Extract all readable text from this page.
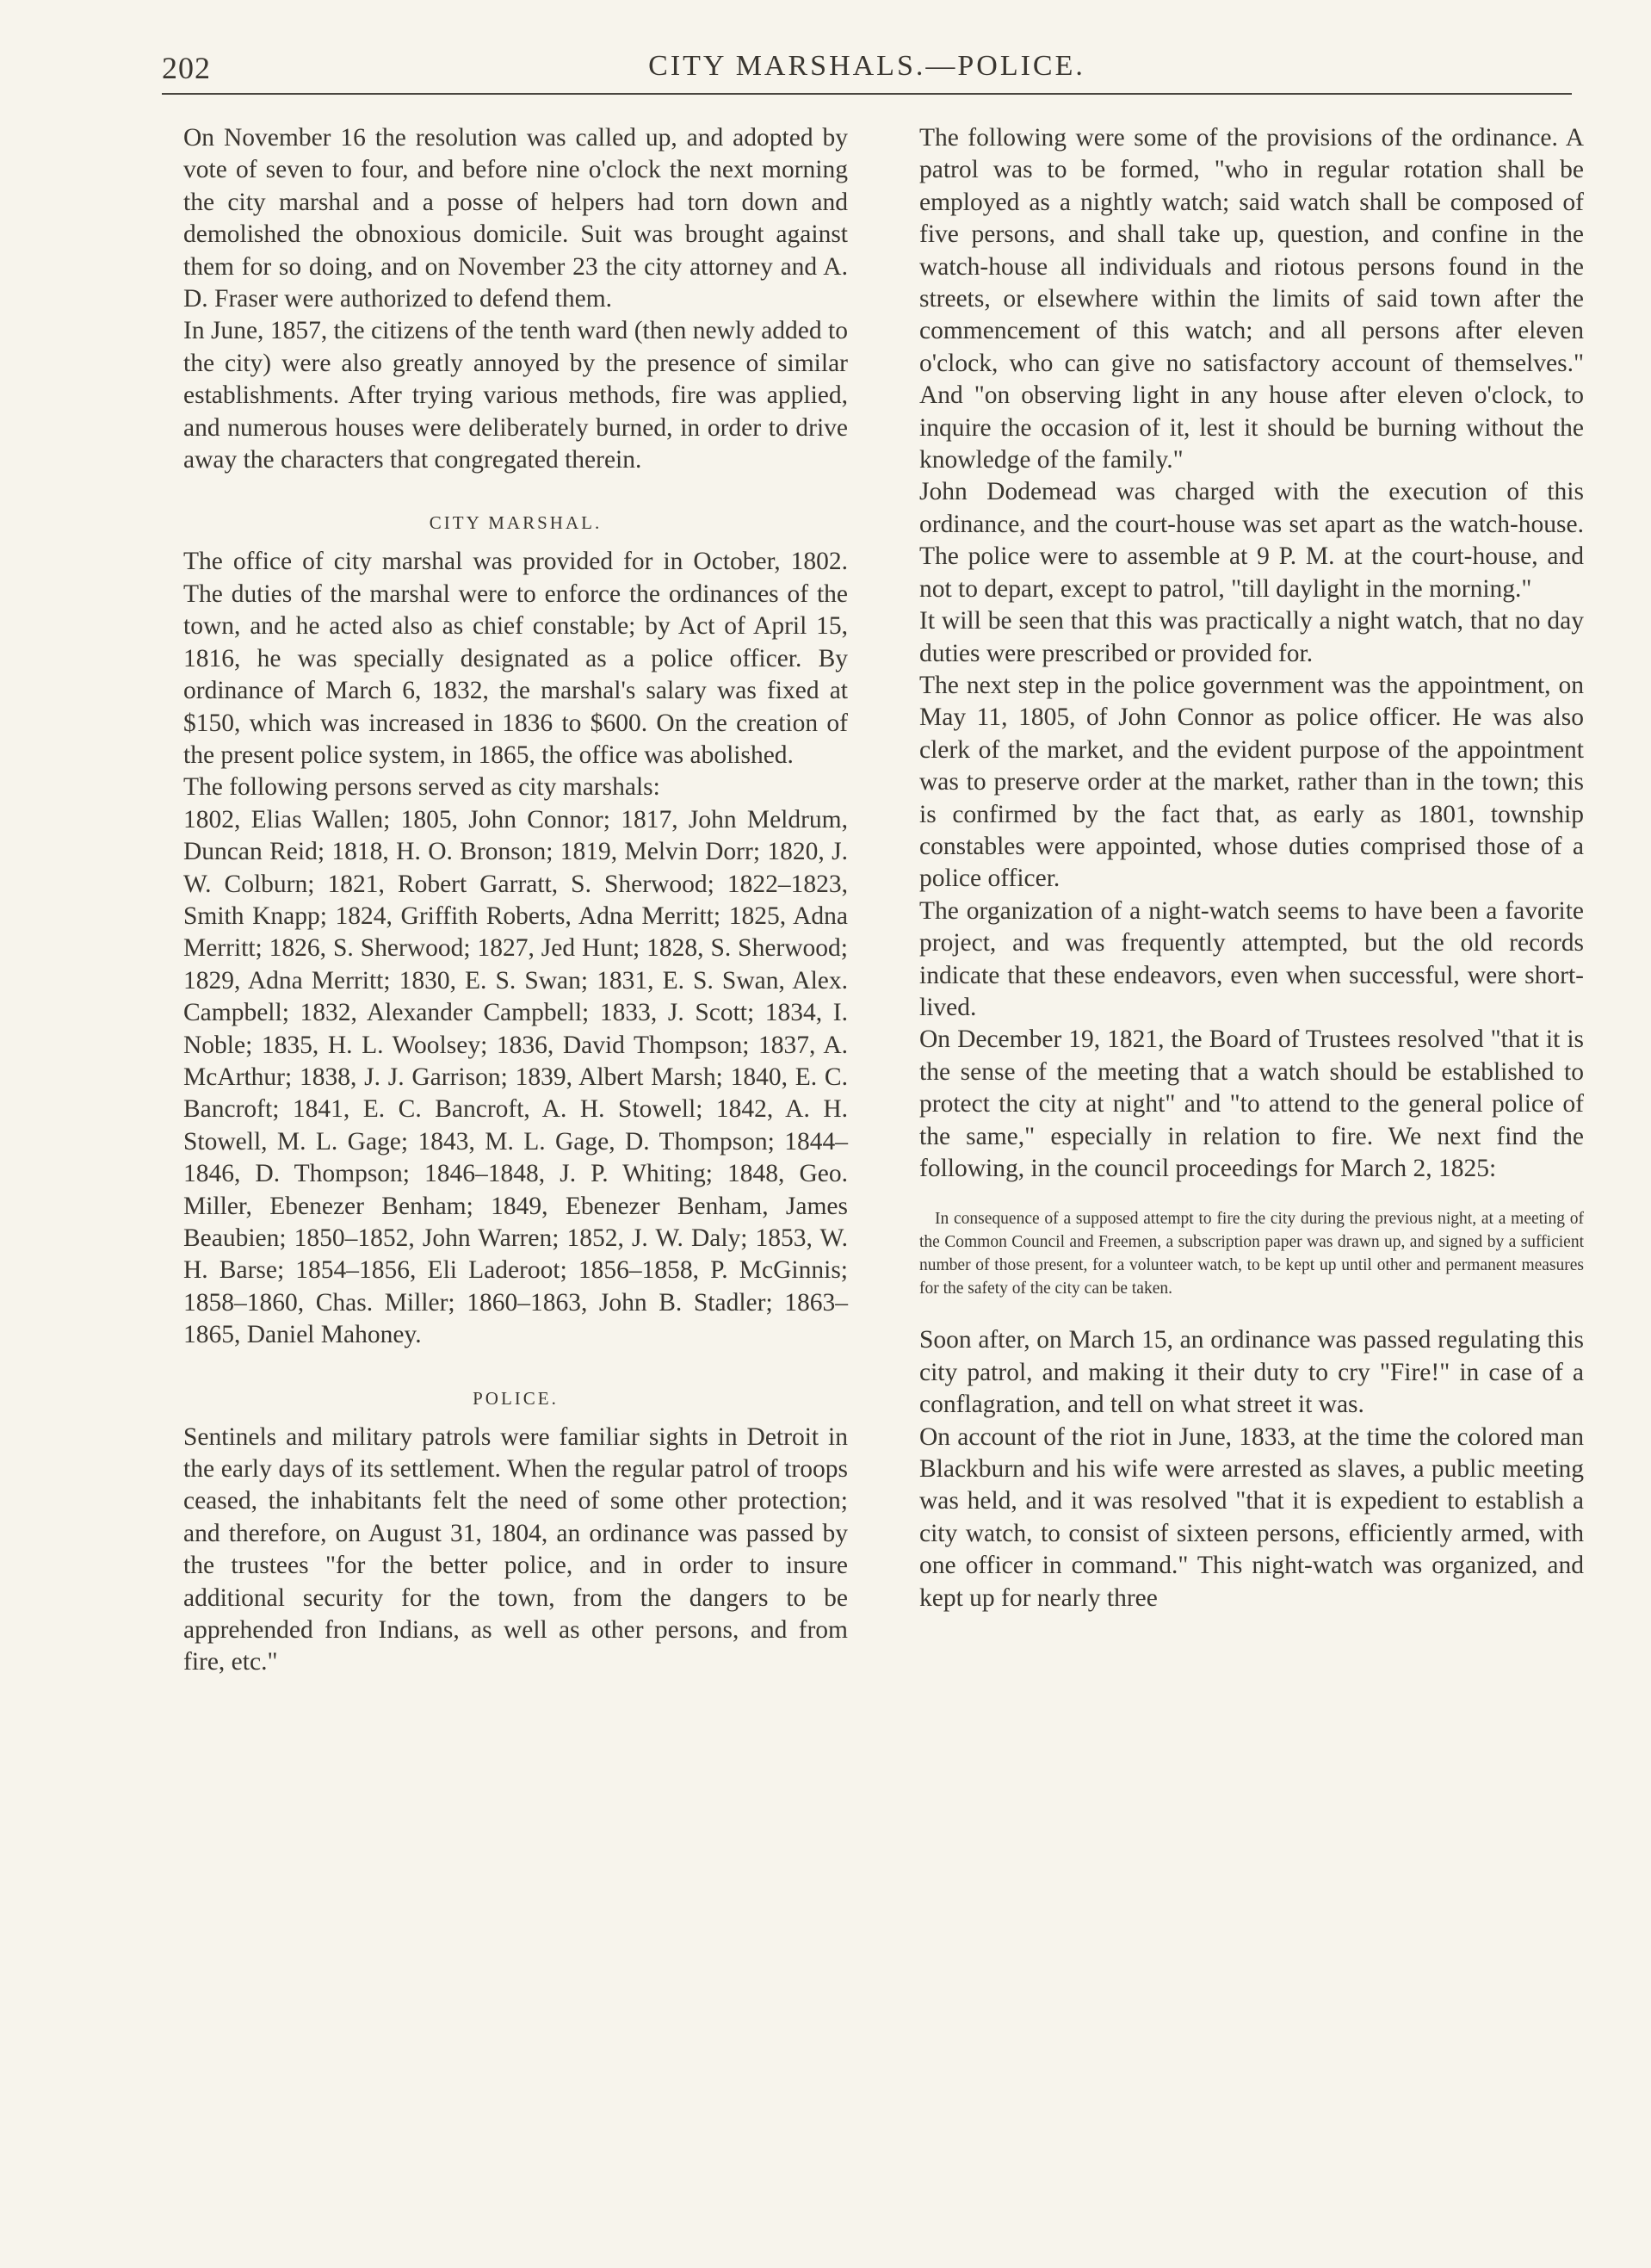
202	CITY MARSHALS.—POLICE.

On November 16 the resolution was called up, and adopted by vote of seven to four, and before nine o'clock the next morning the city marshal and a posse of helpers had torn down and demolished the obnoxious domicile. Suit was brought against them for so doing, and on November 23 the city attorney and A. D. Fraser were authorized to defend them.

In June, 1857, the citizens of the tenth ward (then newly added to the city) were also greatly annoyed by the presence of similar establishments. After trying various methods, fire was applied, and numerous houses were deliberately burned, in order to drive away the characters that congregated therein.

CITY MARSHAL.

The office of city marshal was provided for in October, 1802. The duties of the marshal were to enforce the ordinances of the town, and he acted also as chief constable; by Act of April 15, 1816, he was specially designated as a police officer. By ordinance of March 6, 1832, the marshal's salary was fixed at $150, which was increased in 1836 to $600. On the creation of the present police system, in 1865, the office was abolished.

The following persons served as city marshals:

1802, Elias Wallen; 1805, John Connor; 1817, John Meldrum, Duncan Reid; 1818, H. O. Bronson; 1819, Melvin Dorr; 1820, J. W. Colburn; 1821, Robert Garratt, S. Sherwood; 1822–1823, Smith Knapp; 1824, Griffith Roberts, Adna Merritt; 1825, Adna Merritt; 1826, S. Sherwood; 1827, Jed Hunt; 1828, S. Sherwood; 1829, Adna Merritt; 1830, E. S. Swan; 1831, E. S. Swan, Alex. Campbell; 1832, Alexander Campbell; 1833, J. Scott; 1834, I. Noble; 1835, H. L. Woolsey; 1836, David Thompson; 1837, A. McArthur; 1838, J. J. Garrison; 1839, Albert Marsh; 1840, E. C. Bancroft; 1841, E. C. Bancroft, A. H. Stowell; 1842, A. H. Stowell, M. L. Gage; 1843, M. L. Gage, D. Thompson; 1844–1846, D. Thompson; 1846–1848, J. P. Whiting; 1848, Geo. Miller, Ebenezer Benham; 1849, Ebenezer Benham, James Beaubien; 1850–1852, John Warren; 1852, J. W. Daly; 1853, W. H. Barse; 1854–1856, Eli Laderoot; 1856–1858, P. McGinnis; 1858–1860, Chas. Miller; 1860–1863, John B. Stadler; 1863–1865, Daniel Mahoney.

POLICE.

Sentinels and military patrols were familiar sights in Detroit in the early days of its settlement. When the regular patrol of troops ceased, the inhabitants felt the need of some other protection; and therefore, on August 31, 1804, an ordinance was passed by the trustees "for the better police, and in order to insure additional security for the town, from the dangers to be apprehended fron Indians, as well as other persons, and from fire, etc."

The following were some of the provisions of the ordinance. A patrol was to be formed, "who in regular rotation shall be employed as a nightly watch; said watch shall be composed of five persons, and shall take up, question, and confine in the watch-house all individuals and riotous persons found in the streets, or elsewhere within the limits of said town after the commencement of this watch; and all persons after eleven o'clock, who can give no satisfactory account of themselves." And "on observing light in any house after eleven o'clock, to inquire the occasion of it, lest it should be burning without the knowledge of the family."

John Dodemead was charged with the execution of this ordinance, and the court-house was set apart as the watch-house. The police were to assemble at 9 P. M. at the court-house, and not to depart, except to patrol, "till daylight in the morning."

It will be seen that this was practically a night watch, that no day duties were prescribed or provided for.

The next step in the police government was the appointment, on May 11, 1805, of John Connor as police officer. He was also clerk of the market, and the evident purpose of the appointment was to preserve order at the market, rather than in the town; this is confirmed by the fact that, as early as 1801, township constables were appointed, whose duties comprised those of a police officer.

The organization of a night-watch seems to have been a favorite project, and was frequently attempted, but the old records indicate that these endeavors, even when successful, were short-lived.

On December 19, 1821, the Board of Trustees resolved "that it is the sense of the meeting that a watch should be established to protect the city at night" and "to attend to the general police of the same," especially in relation to fire. We next find the following, in the council proceedings for March 2, 1825:

In consequence of a supposed attempt to fire the city during the previous night, at a meeting of the Common Council and Freemen, a subscription paper was drawn up, and signed by a sufficient number of those present, for a volunteer watch, to be kept up until other and permanent measures for the safety of the city can be taken.

Soon after, on March 15, an ordinance was passed regulating this city patrol, and making it their duty to cry "Fire!" in case of a conflagration, and tell on what street it was.

On account of the riot in June, 1833, at the time the colored man Blackburn and his wife were arrested as slaves, a public meeting was held, and it was resolved "that it is expedient to establish a city watch, to consist of sixteen persons, efficiently armed, with one officer in command." This night-watch was organized, and kept up for nearly three
